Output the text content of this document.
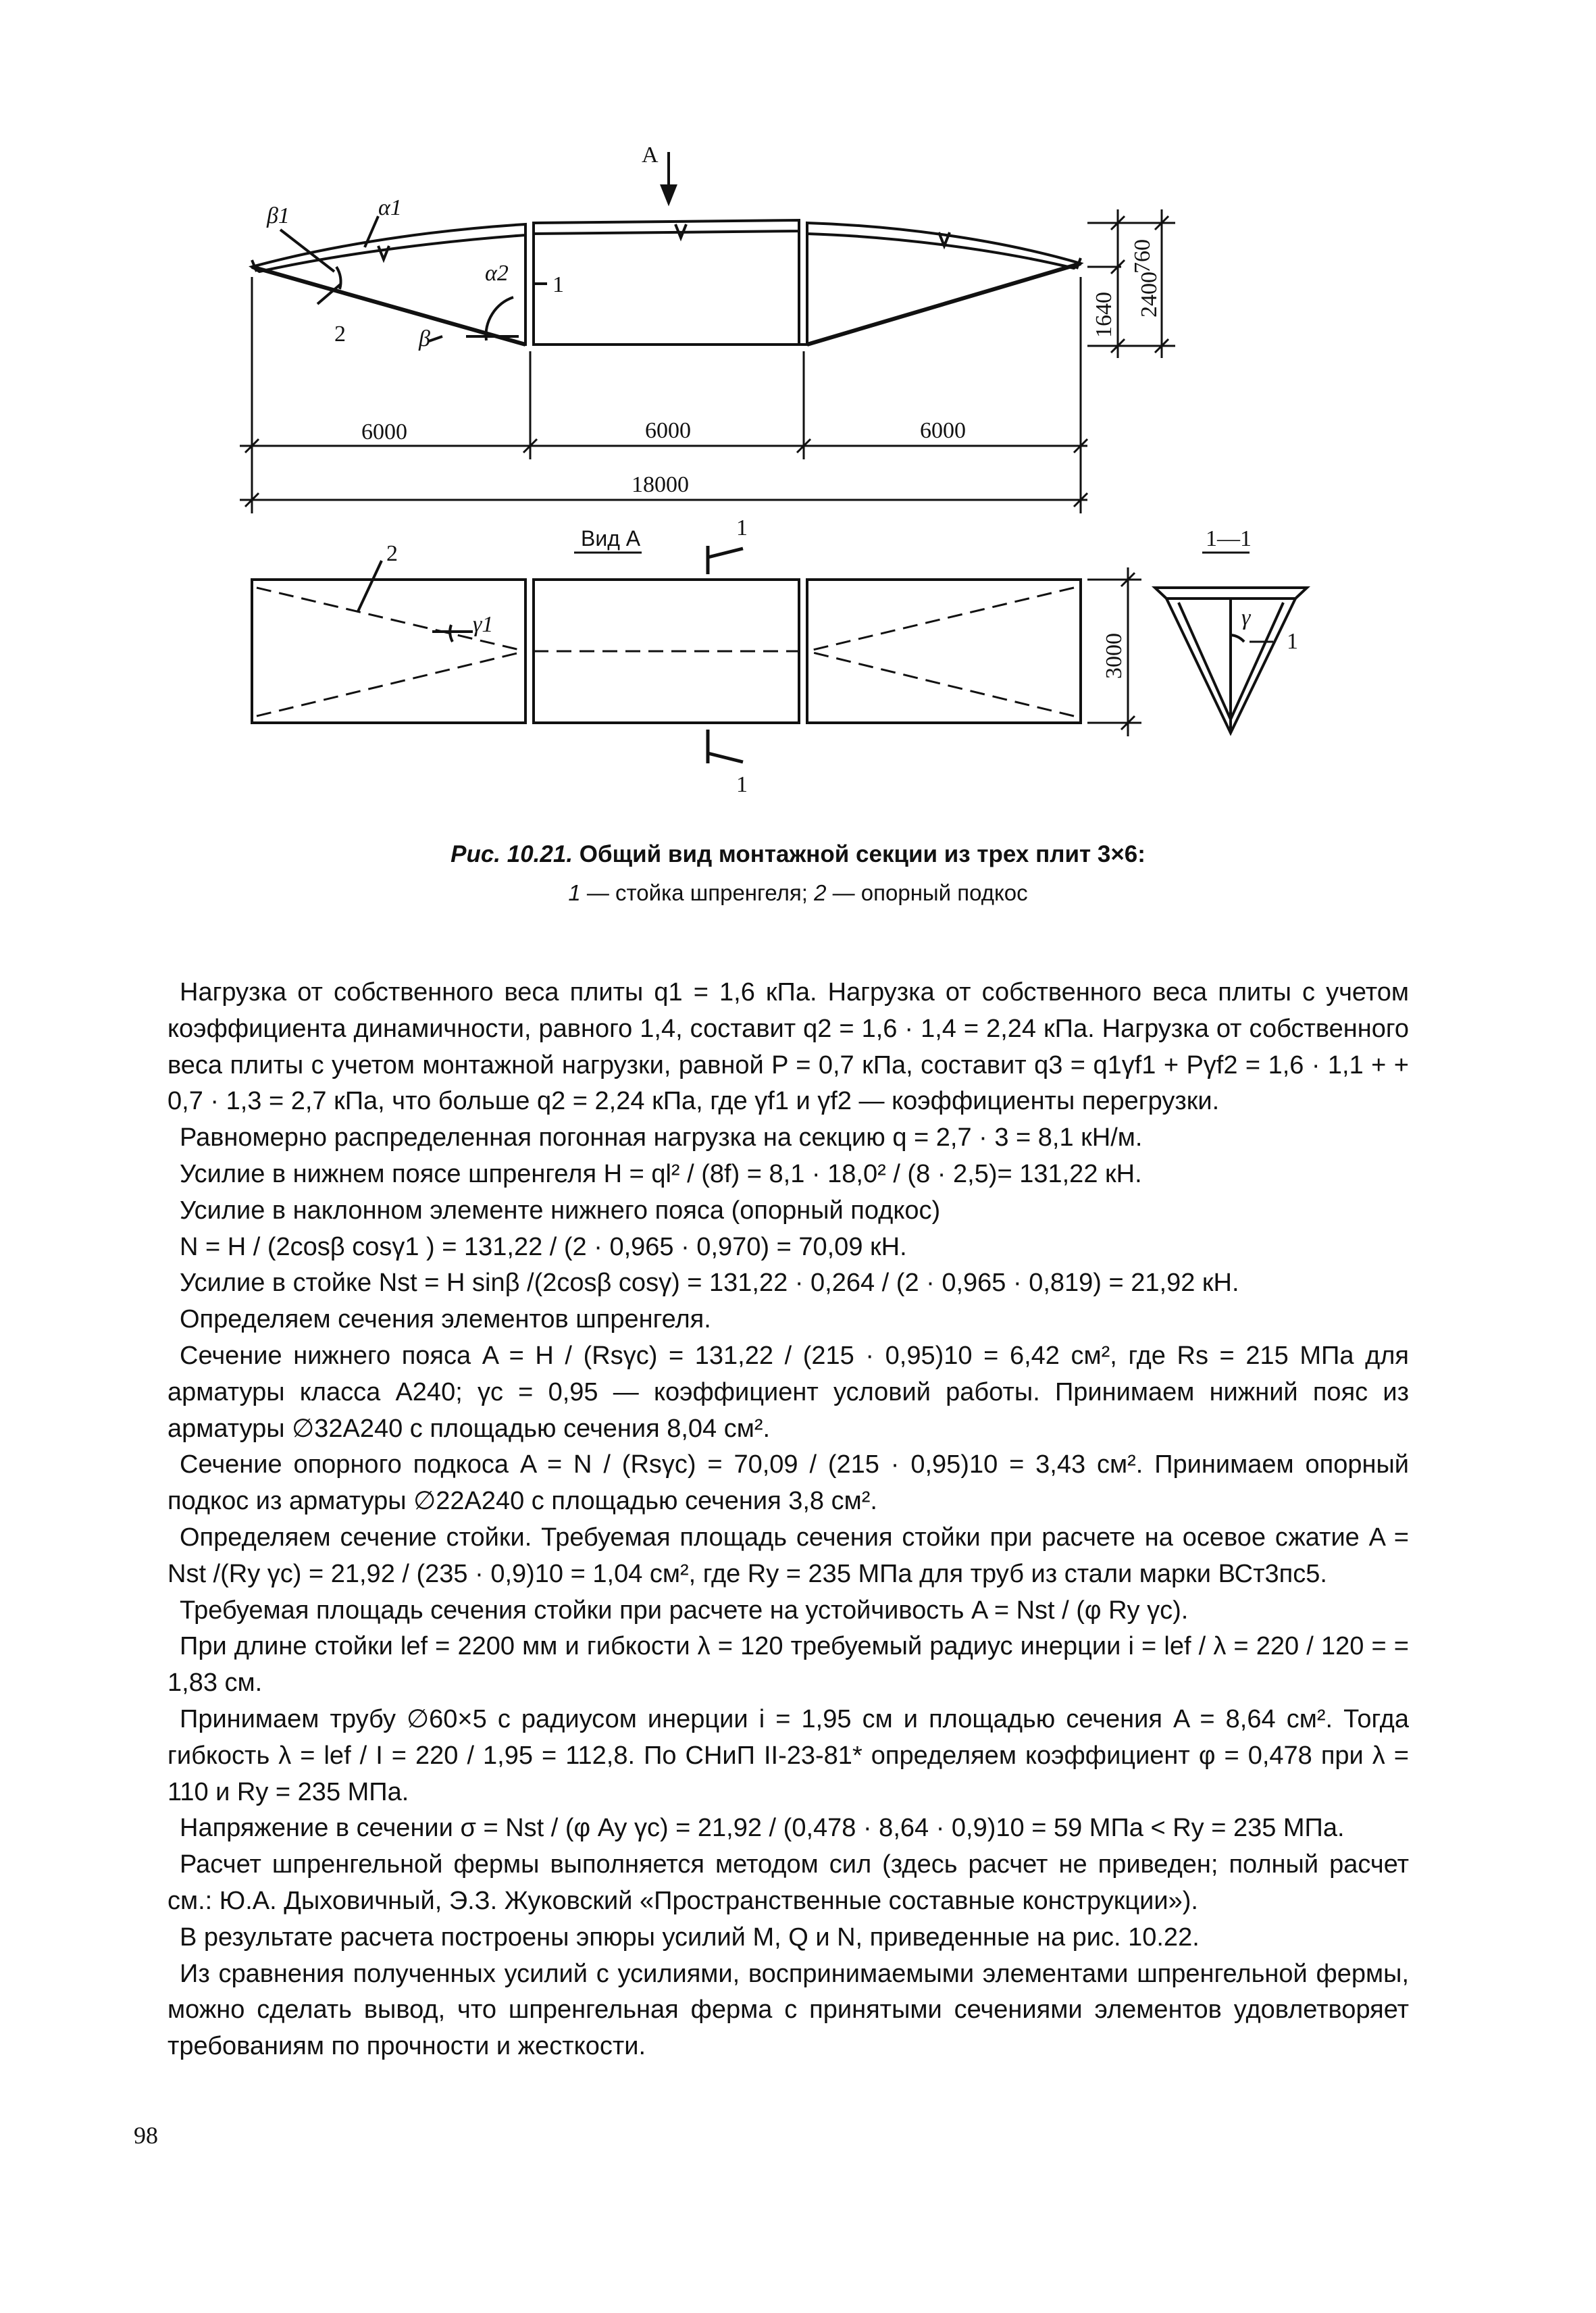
A
β1	α1
α2 1
2	β
6000	6000	6000
18000
Вид А	1
1
2
γ1
1—1
γ
1
760
1640 2400
3000
Рис. 10.21. Общий вид монтажной секции из трех плит 3×6:
1 — стойка шпренгеля; 2 — опорный подкос

Нагрузка от собственного веса плиты q1 = 1,6 кПа. Нагрузка от собственного веса плиты с учетом коэффициента динамичности, равного 1,4, составит q2 = 1,6 · 1,4 = 2,24 кПа. Нагрузка от собственного веса плиты с учетом монтажной нагрузки, равной P = 0,7 кПа, составит q3 = q1γf1 + Pγf2 = 1,6 · 1,1 + + 0,7 · 1,3 = 2,7 кПа, что больше q2 = 2,24 кПа, где γf1 и γf2 — коэффициенты перегрузки.

Равномерно распределенная погонная нагрузка на секцию q = 2,7 · 3 = 8,1 кН/м.

Усилие в нижнем поясе шпренгеля H = ql² / (8f) = 8,1 · 18,0² / (8 · 2,5)= 131,22 кН.

Усилие в наклонном элементе нижнего пояса (опорный подкос)

N = H / (2cosβ cosγ1 ) = 131,22 / (2 · 0,965 · 0,970) = 70,09 кН.

Усилие в стойке Nst = H sinβ /(2cosβ cosγ) = 131,22 · 0,264 / (2 · 0,965 · 0,819) = 21,92 кН.

Определяем сечения элементов шпренгеля.

Сечение нижнего пояса A = H / (Rsγc) = 131,22 / (215 · 0,95)10 = 6,42 см², где Rs = 215 МПа для арматуры класса А240; γc = 0,95 — коэффициент условий работы. Принимаем нижний пояс из арматуры ∅32А240 с площадью сечения 8,04 см².

Сечение опорного подкоса A = N / (Rsγc) = 70,09 / (215 · 0,95)10 = 3,43 см². Принимаем опорный подкос из арматуры ∅22А240 с площадью сечения 3,8 см².

Определяем сечение стойки. Требуемая площадь сечения стойки при расчете на осевое сжатие A = Nst /(Ry γc) = 21,92 / (235 · 0,9)10 = 1,04 см², где Ry = 235 МПа для труб из стали марки ВСт3пс5.

Требуемая площадь сечения стойки при расчете на устойчивость A = Nst / (φ Ry γc).

При длине стойки lef = 2200 мм и гибкости λ = 120 требуемый радиус инерции i = lef / λ = 220 / 120 = = 1,83 см.

Принимаем трубу ∅60×5 с радиусом инерции i = 1,95 см и площадью сечения A = 8,64 см². Тогда гибкость λ = lef / I = 220 / 1,95 = 112,8. По СНиП II-23-81* определяем коэффициент φ = 0,478 при λ = 110 и Ry = 235 МПа.

Напряжение в сечении σ = Nst / (φ Ay γc) = 21,92 / (0,478 · 8,64 · 0,9)10 = 59 МПа < Ry = 235 МПа.

Расчет шпренгельной фермы выполняется методом сил (здесь расчет не приведен; полный расчет см.: Ю.А. Дыховичный, Э.З. Жуковский «Пространственные составные конструкции»).

В результате расчета построены эпюры усилий M, Q и N, приведенные на рис. 10.22.

Из сравнения полученных усилий с усилиями, воспринимаемыми элементами шпренгельной фермы, можно сделать вывод, что шпренгельная ферма с принятыми сечениями элементов удовлетворяет требованиям по прочности и жесткости.

98
